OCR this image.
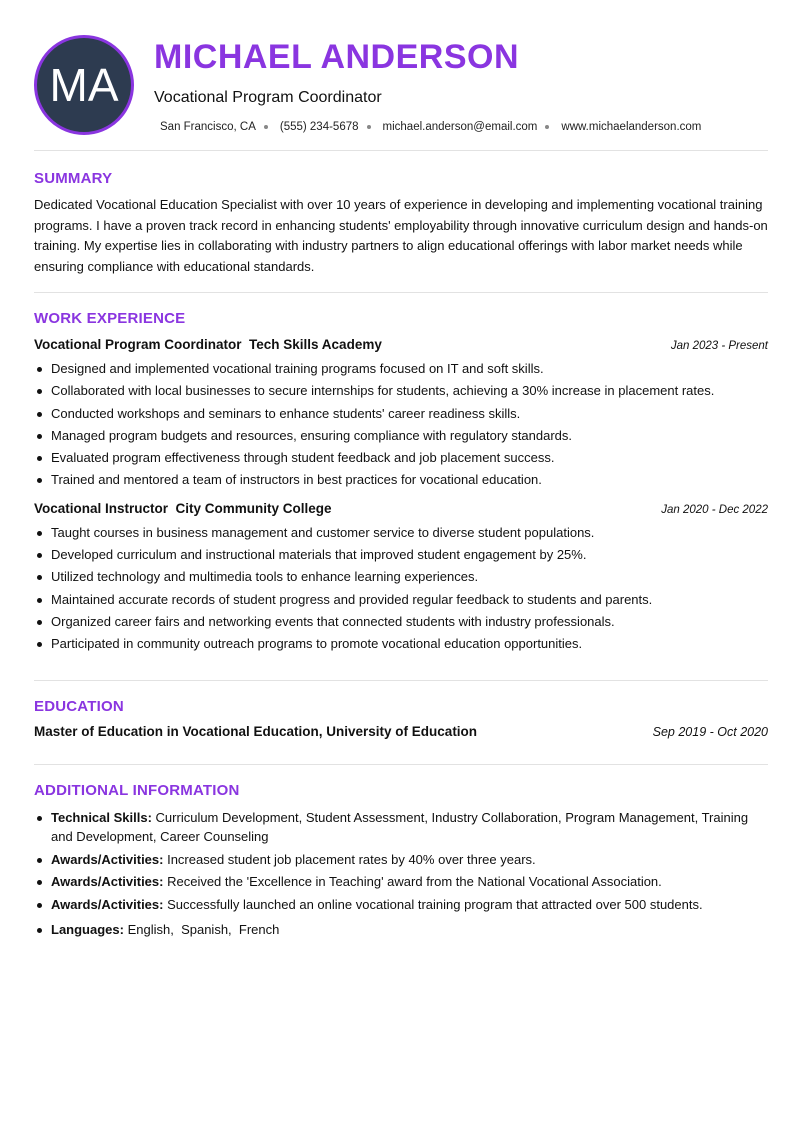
MA
MICHAEL ANDERSON
Vocational Program Coordinator
San Francisco, CA (555) 234-5678 michael.anderson@email.com www.michaelanderson.com
SUMMARY
Dedicated Vocational Education Specialist with over 10 years of experience in developing and implementing vocational training programs. I have a proven track record in enhancing students' employability through innovative curriculum design and hands-on training. My expertise lies in collaborating with industry partners to align educational offerings with labor market needs while ensuring compliance with educational standards.
WORK EXPERIENCE
Vocational Program Coordinator  Tech Skills Academy	Jan 2023 - Present
Designed and implemented vocational training programs focused on IT and soft skills.
Collaborated with local businesses to secure internships for students, achieving a 30% increase in placement rates.
Conducted workshops and seminars to enhance students' career readiness skills.
Managed program budgets and resources, ensuring compliance with regulatory standards.
Evaluated program effectiveness through student feedback and job placement success.
Trained and mentored a team of instructors in best practices for vocational education.
Vocational Instructor  City Community College	Jan 2020 - Dec 2022
Taught courses in business management and customer service to diverse student populations.
Developed curriculum and instructional materials that improved student engagement by 25%.
Utilized technology and multimedia tools to enhance learning experiences.
Maintained accurate records of student progress and provided regular feedback to students and parents.
Organized career fairs and networking events that connected students with industry professionals.
Participated in community outreach programs to promote vocational education opportunities.
EDUCATION
Master of Education in Vocational Education, University of Education	Sep 2019 - Oct 2020
ADDITIONAL INFORMATION
Technical Skills: Curriculum Development, Student Assessment, Industry Collaboration, Program Management, Training and Development, Career Counseling
Awards/Activities: Increased student job placement rates by 40% over three years.
Awards/Activities: Received the 'Excellence in Teaching' award from the National Vocational Association.
Awards/Activities: Successfully launched an online vocational training program that attracted over 500 students.
Languages: English,  Spanish,  French
